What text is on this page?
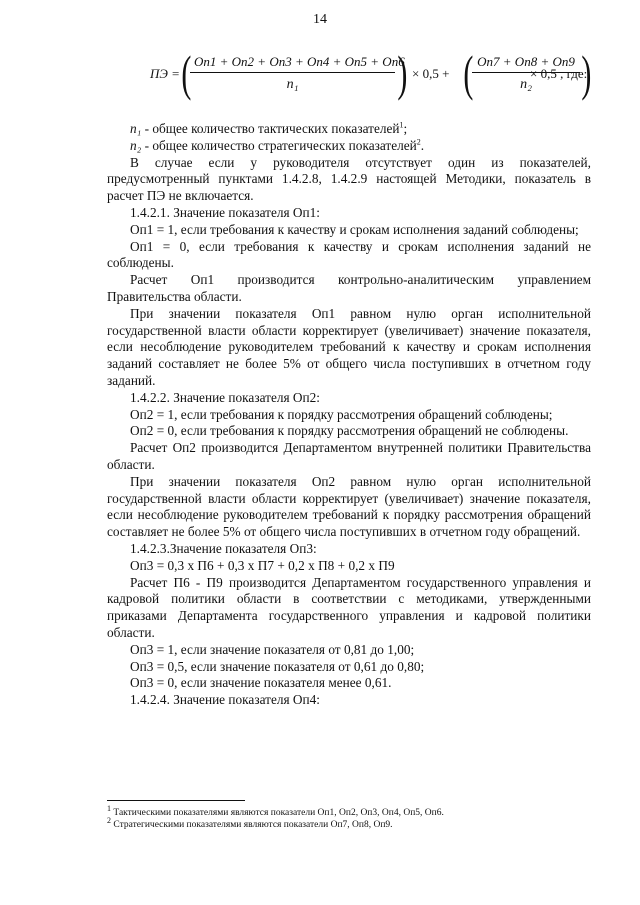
14
ПЭ = ( Оп1 + Оп2 + Оп3 + Оп4 + Оп5 + Оп6
n₁	) × 0,5 + ( Оп7 + Оп8 + Оп9
n₂ )
× 0,5 , где:

n₁ - общее количество тактических показателей$^1$;

n₂ - общее количество стратегических показателей$^2$.

В случае если у руководителя отсутствует один из показателей, предусмотренный пунктами 1.4.2.8, 1.4.2.9 настоящей Методики, показатель в расчет ПЭ не включается.

1.4.2.1. Значение показателя Оп1:

Оп1 = 1, если требования к качеству и срокам исполнения заданий соблюдены;

Оп1 = 0, если требования к качеству и срокам исполнения заданий не соблюдены.

Расчет Оп1 производится контрольно-аналитическим управлением Правительства области.

При значении показателя Оп1 равном нулю орган исполнительной государственной власти области корректирует (увеличивает) значение показателя, если несоблюдение руководителем требований к качеству и срокам исполнения заданий составляет не более 5% от общего числа поступивших в отчетном году заданий.

1.4.2.2. Значение показателя Оп2:

Оп2 = 1, если требования к порядку рассмотрения обращений соблюдены;

Оп2 = 0, если требования к порядку рассмотрения обращений не соблюдены.

Расчет Оп2 производится Департаментом внутренней политики Правительства области.

При значении показателя Оп2 равном нулю орган исполнительной государственной власти области корректирует (увеличивает) значение показателя, если несоблюдение руководителем требований к порядку рассмотрения обращений составляет не более 5% от общего числа поступивших в отчетном году обращений.

1.4.2.3.Значение показателя Оп3:

Оп3 = 0,3 х П6 + 0,3 х П7 + 0,2 х П8 + 0,2 х П9

Расчет П6 - П9 производится Департаментом государственного управления и кадровой политики области в соответствии с методиками, утвержденными приказами Департамента государственного управления и кадровой политики области.

Оп3 = 1, если значение показателя от 0,81 до 1,00;

Оп3 = 0,5, если значение показателя от 0,61 до 0,80;

Оп3 = 0, если значение показателя менее 0,61.

1.4.2.4. Значение показателя Оп4:

$^1$ Тактическими показателями являются показатели Оп1, Оп2, Оп3, Оп4, Оп5, Оп6.

$^2$ Стратегическими показателями являются показатели Оп7, Оп8, Оп9.
